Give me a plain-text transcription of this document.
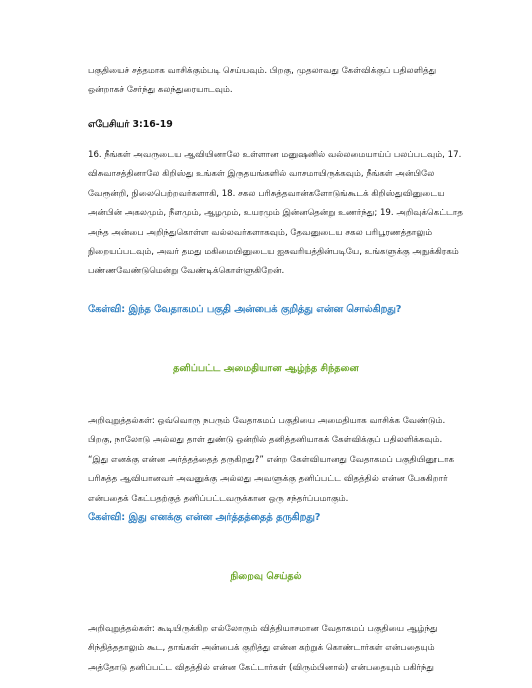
பகுதியைச் சத்தமாக வாசிக்கும்படி செய்யவும். பிறகு, முதலாவது கேள்விக்குப் பதிலளித்து
ஒன்றாகச் சேர்ந்து கலந்துரையாடவும்.

எபேசியர் 3:16-19

16. நீங்கள் அவருடைய ஆவியினாலே உள்ளான மனுஷனில் வல்லமையாய்ப் பலப்படவும், 17.
விசுவாசத்தினாலே கிறிஸ்து உங்கள் இருதயங்களில் வாசமாயிருக்கவும், நீங்கள் அன்பிலே
வேரூன்றி, நிலைபெற்றவர்களாகி, 18. சகல பரிசுத்தவான்களோடுங்கூடக் கிறிஸ்துவினுடைய
அன்பின் அகலமும், நீளமும், ஆழமும், உயரமும் இன்னதென்று உணர்ந்து; 19. அறிவுக்கெட்டாத
அந்த அன்பை அறிந்துகொள்ள வல்லவர்களாகவும், தேவனுடைய சகல பரிபூரணத்தாலும்
நிறையப்படவும், அவர் தமது மகிமையினுடைய ஐசுவரியத்தின்படியே, உங்களுக்கு அநுக்கிரகம்
பண்ணவேண்டுமென்று வேண்டிக்கொள்ளுகிறேன்.

கேள்வி: இந்த வேதாகமப் பகுதி அன்பைக் குறித்து என்ன சொல்கிறது?

தனிப்பட்ட அமைதியான ஆழ்ந்த சிந்தனை

அறிவுறுத்தல்கள்: ஒவ்வொரு நபரும் வேதாகமப் பகுதியை அமைதியாக வாசிக்க வேண்டும்.
பிறகு, நாலோடு அல்லது தாள் துண்டு ஒன்றில் தனித்தனியாகக் கேள்விக்குப் பதிலளிக்கவும்.
“இது எனக்கு என்ன அர்த்தத்தைத் தருகிறது?” என்ற கேள்வியானது வேதாகமப் பகுதியினூடாக
பரிசுத்த ஆவியானவர் அவனுக்கு அல்லது அவளுக்கு தனிப்பட்ட விதத்தில் என்ன பேசுகிறார்
என்பதைக் கேட்பதற்குத் தனிப்பட்டவருக்கான ஒரு சந்தர்ப்பமாகும்.

கேள்வி: இது எனக்கு என்ன அர்த்தத்தைத் தருகிறது?

நிறைவு செய்தல்

அறிவுறுத்தல்கள்: கூடியிருக்கிற எல்லோரும் வித்தியாசமான வேதாகமப் பகுதியை ஆழ்ந்து
சிந்தித்ததாலும் கூட, தாங்கள் அன்பைக் குறித்து என்ன கற்றுக் கொண்டார்கள் என்பதையும்
அத்தோடு தனிப்பட்ட விதத்தில் என்ன கேட்டார்கள் (விரும்பினால்) என்பதையும் பகிர்ந்து
